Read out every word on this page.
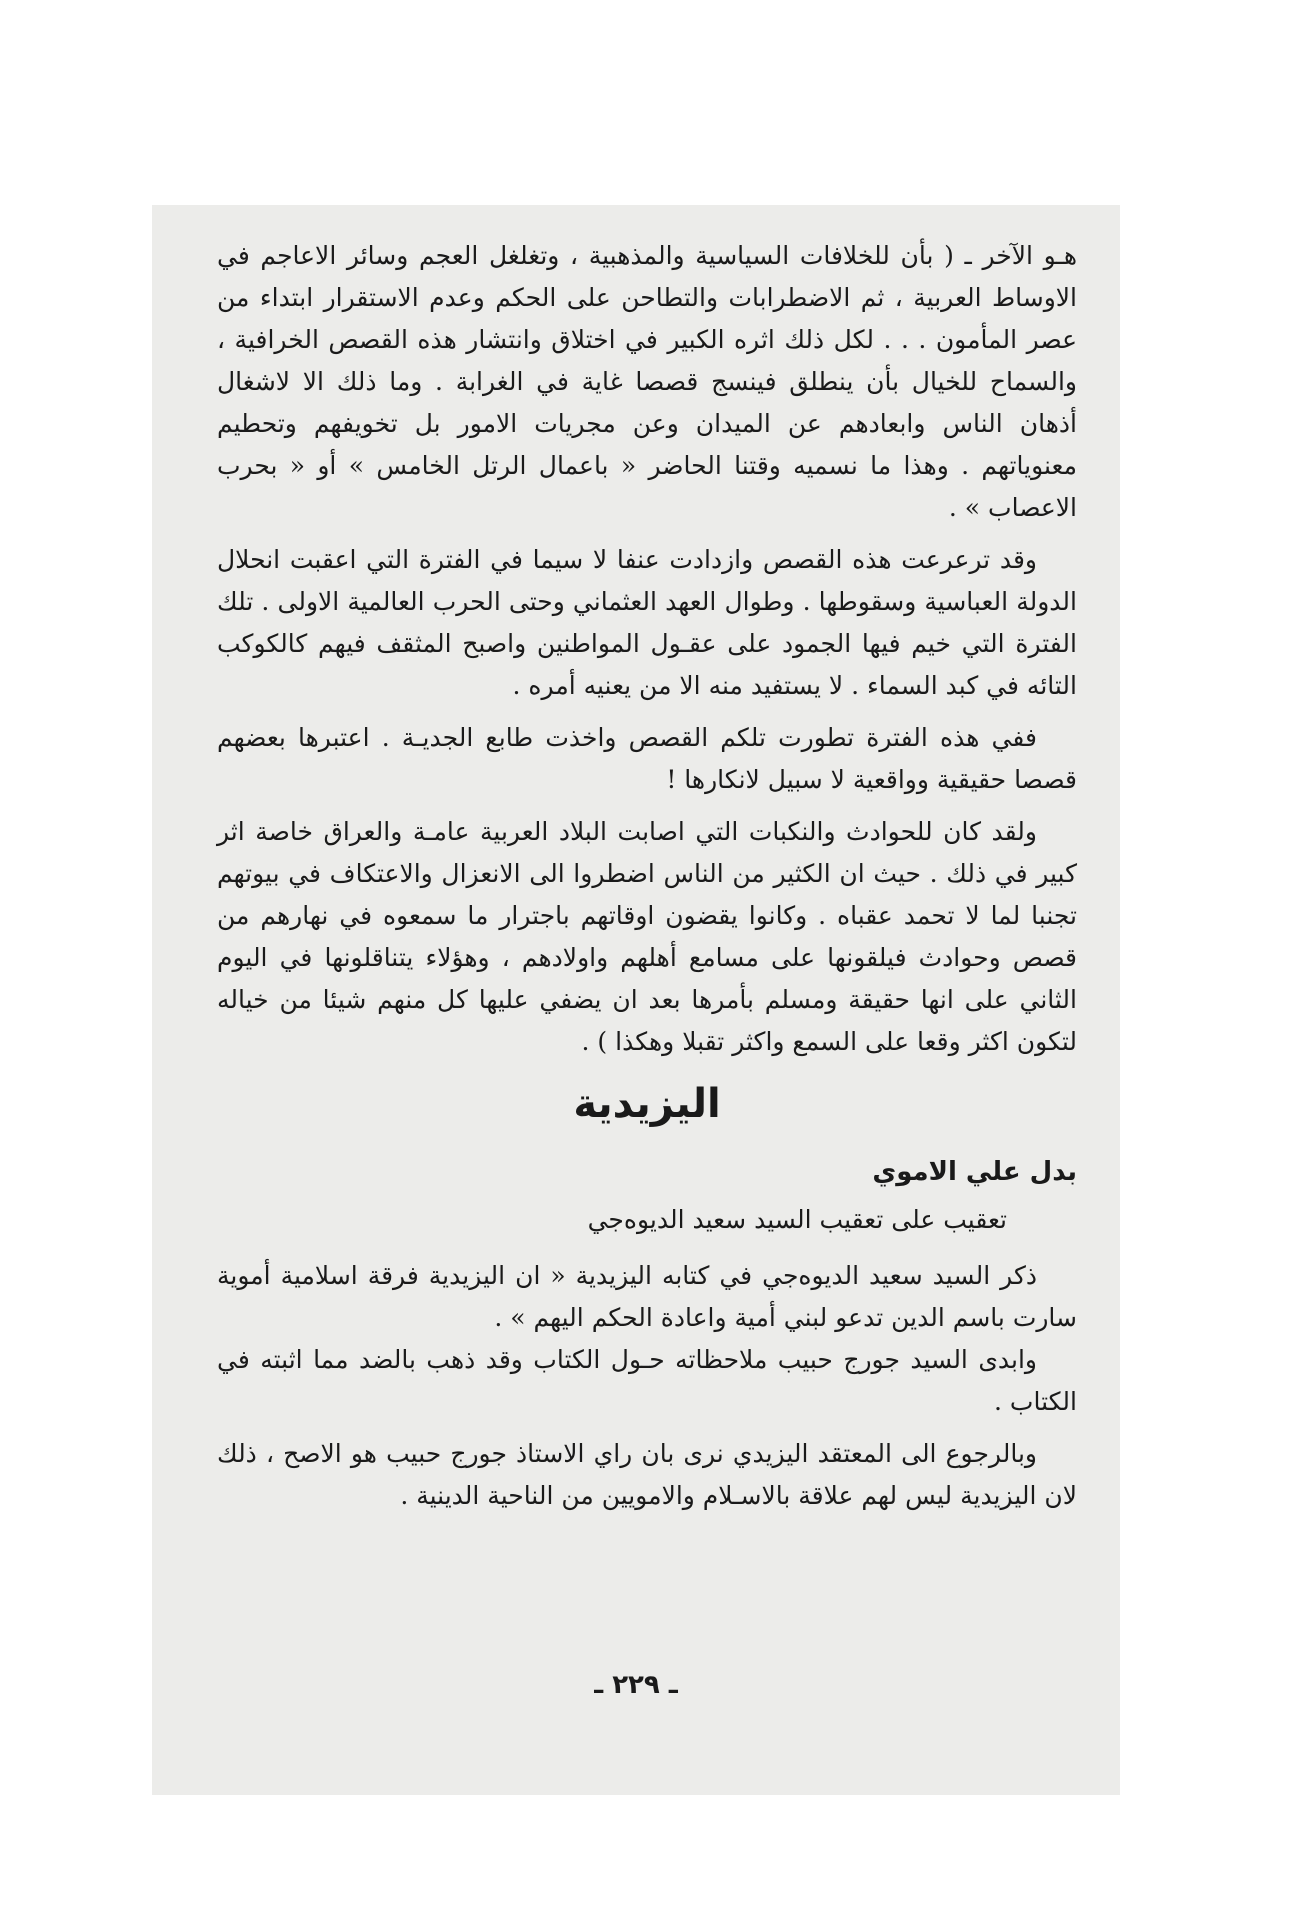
هـو الآخر ـ ( بأن للخلافات السياسية والمذهبية ، وتغلغل العجم وسائر الاعاجم في الاوساط العربية ، ثم الاضطرابات والتطاحن على الحكم وعدم الاستقرار ابتداء من عصر المأمون . . . لكل ذلك اثره الكبير في اختلاق وانتشار هذه القصص الخرافية ، والسماح للخيال بأن ينطلق فينسج قصصا غاية في الغرابة . وما ذلك الا لاشغال أذهان الناس وابعادهم عن الميدان وعن مجريات الامور بل تخويفهم وتحطيم معنوياتهم . وهذا ما نسميه وقتنا الحاضر « باعمال الرتل الخامس » أو « بحرب الاعصاب » .

وقد ترعرعت هذه القصص وازدادت عنفا لا سيما في الفترة التي اعقبت انحلال الدولة العباسية وسقوطها . وطوال العهد العثماني وحتى الحرب العالمية الاولى . تلك الفترة التي خيم فيها الجمود على عقـول المواطنين واصبح المثقف فيهم كالكوكب التائه في كبد السماء . لا يستفيد منه الا من يعنيه أمره .

ففي هذه الفترة تطورت تلكم القصص واخذت طابع الجديـة . اعتبرها بعضهم قصصا حقيقية وواقعية لا سبيل لانكارها !

ولقد كان للحوادث والنكبات التي اصابت البلاد العربية عامـة والعراق خاصة اثر كبير في ذلك . حيث ان الكثير من الناس اضطروا الى الانعزال والاعتكاف في بيوتهم تجنبا لما لا تحمد عقباه . وكانوا يقضون اوقاتهم باجترار ما سمعوه في نهارهم من قصص وحوادث فيلقونها على مسامع أهلهم واولادهم ، وهؤلاء يتناقلونها في اليوم الثاني على انها حقيقة ومسلم بأمرها بعد ان يضفي عليها كل منهم شيئا من خياله لتكون اكثر وقعا على السمع واكثر تقبلا وهكذا ) .

اليزيدية
بدل علي الاموي
تعقيب على تعقيب السيد سعيد الديوه‌جي

ذكر السيد سعيد الديوه‌جي في كتابه اليزيدية « ان اليزيدية فرقة اسلامية أموية سارت باسم الدين تدعو لبني أمية واعادة الحكم اليهم » .

وابدى السيد جورج حبيب ملاحظاته حـول الكتاب وقد ذهب بالضد مما اثبته في الكتاب .

وبالرجوع الى المعتقد اليزيدي نرى بان راي الاستاذ جورج حبيب هو الاصح ، ذلك لان اليزيدية ليس لهم علاقة بالاسـلام والامويين من الناحية الدينية .

ـ ٢٢٩ ـ
